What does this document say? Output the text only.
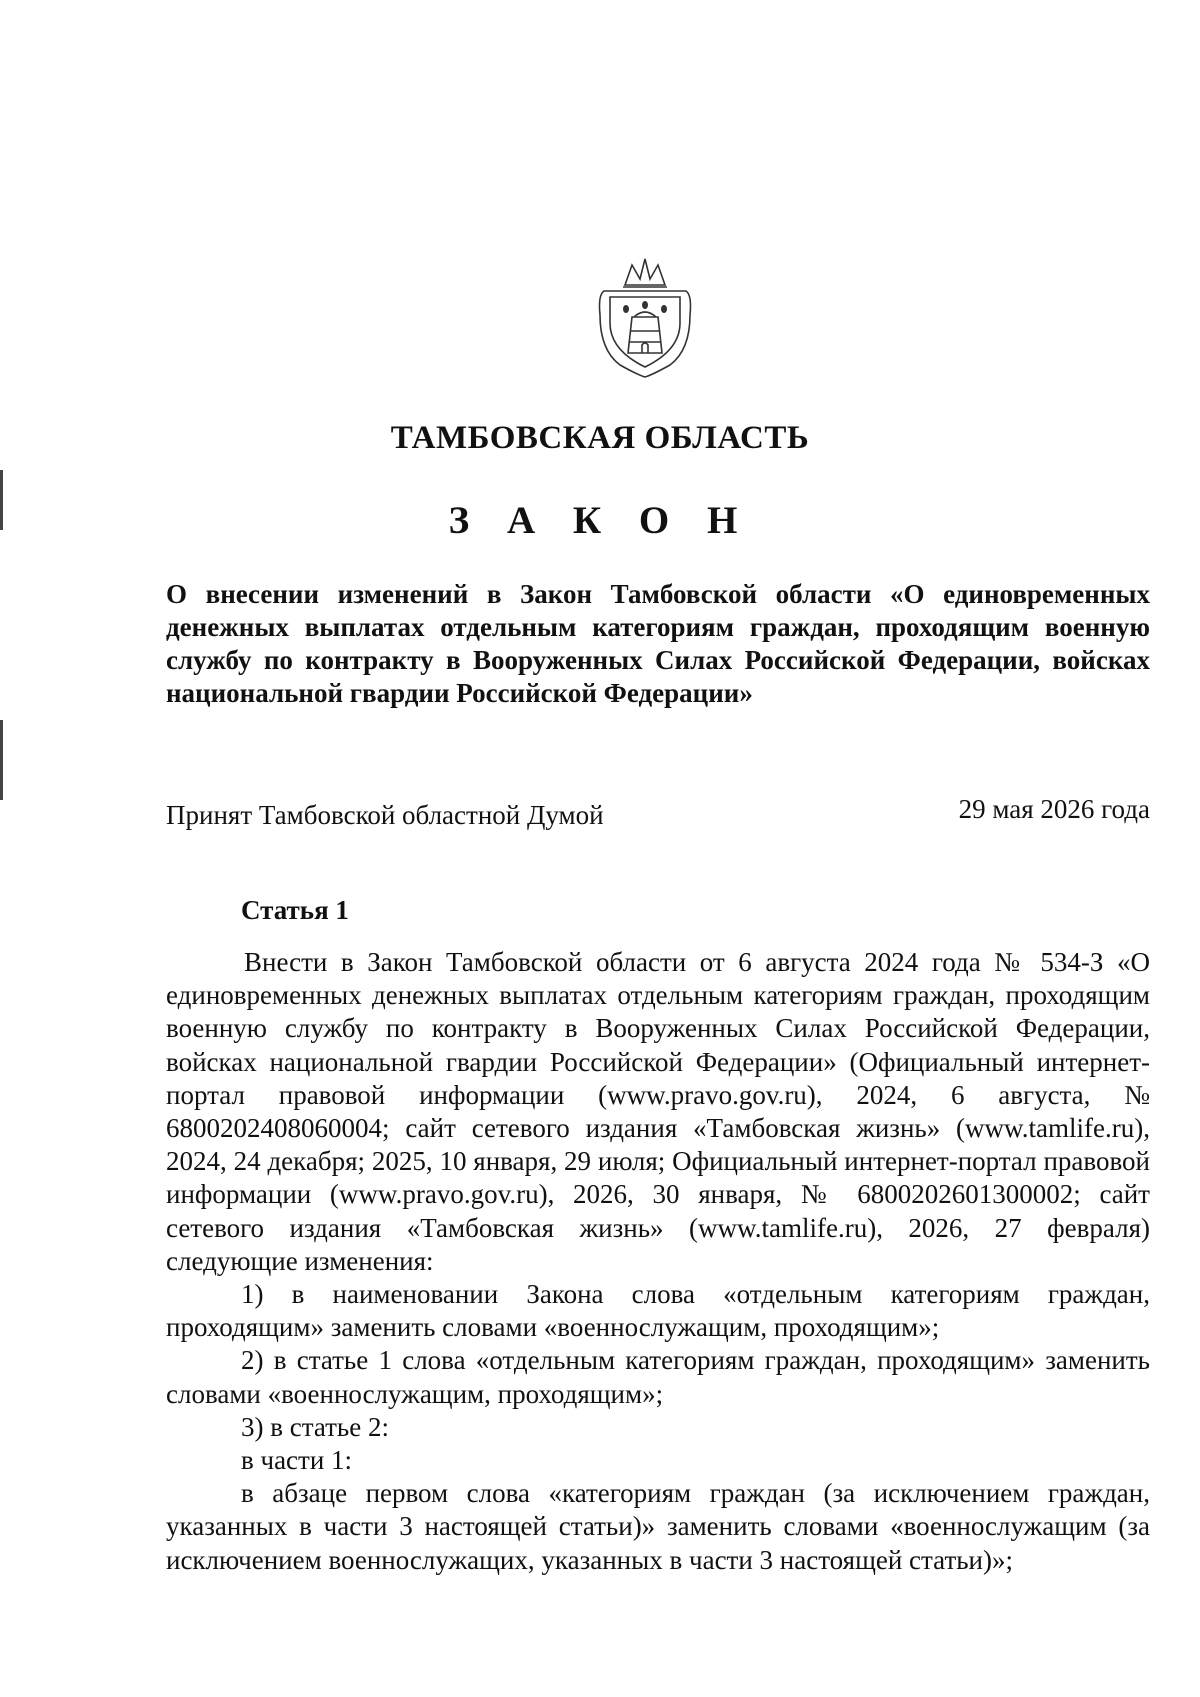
ТАМБОВСКАЯ ОБЛАСТЬ
З А К О Н
О внесении изменений в Закон Тамбовской области «О единовременных денежных выплатах отдельным категориям граждан, проходящим военную службу по контракту в Вооруженных Силах Российской Федерации, войсках национальной гвардии Российской Федерации»
Принят Тамбовской областной Думой	29 мая 2026 года
Статья 1

Внести в Закон Тамбовской области от 6 августа 2024 года № 534-З «О единовременных денежных выплатах отдельным категориям граждан, проходящим военную службу по контракту в Вооруженных Силах Российской Федерации, войсках национальной гвардии Российской Федерации» (Официальный интернет-портал правовой информации (www.pravo.gov.ru), 2024, 6 августа, № 6800202408060004; сайт сетевого издания «Тамбовская жизнь» (www.tamlife.ru), 2024, 24 декабря; 2025, 10 января, 29 июля; Официальный интернет-портал правовой информации (www.pravo.gov.ru), 2026, 30 января, № 6800202601300002; сайт сетевого издания «Тамбовская жизнь» (www.tamlife.ru), 2026, 27 февраля) следующие изменения:

1) в наименовании Закона слова «отдельным категориям граждан, проходящим» заменить словами «военнослужащим, проходящим»;

2) в статье 1 слова «отдельным категориям граждан, проходящим» заменить словами «военнослужащим, проходящим»;

3) в статье 2:

в части 1:

в абзаце первом слова «категориям граждан (за исключением граждан, указанных в части 3 настоящей статьи)» заменить словами «военнослужащим (за исключением военнослужащих, указанных в части 3 настоящей статьи)»;
